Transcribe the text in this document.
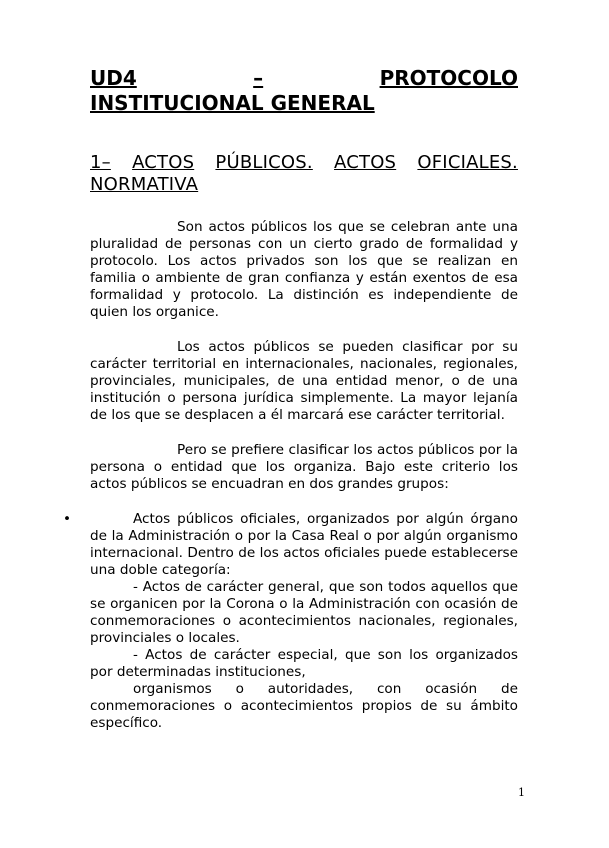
UD4	–	PROTOCOLO
INSTITUCIONAL GENERAL
1– ACTOS PÚBLICOS. ACTOS OFICIALES.
NORMATIVA

Son actos públicos los que se celebran ante una pluralidad de personas con un cierto grado de formalidad y protocolo. Los actos privados son los que se realizan en familia o ambiente de gran confianza y están exentos de esa formalidad y protocolo. La distinción es independiente de quien los organice.

Los actos públicos se pueden clasificar por su carácter territorial en internacionales, nacionales, regionales, provinciales, municipales, de una entidad menor, o de una institución o persona jurídica simplemente. La mayor lejanía de los que se desplacen a él marcará ese carácter territorial.

Pero se prefiere clasificar los actos públicos por la persona o entidad que los organiza. Bajo este criterio los actos públicos se encuadran en dos grandes grupos:

•	Actos públicos oficiales, organizados por algún órgano de la Administración o por la Casa Real o por algún organismo internacional. Dentro de los actos oficiales puede establecerse una doble categoría:

- Actos de carácter general, que son todos aquellos que se organicen por la Corona o la Administración con ocasión de conmemoraciones o acontecimientos nacionales, regionales, provinciales o locales.

- Actos de carácter especial, que son los organizados por determinadas instituciones,

organismos o autoridades, con ocasión de conmemoraciones o acontecimientos propios de su ámbito específico.

1
